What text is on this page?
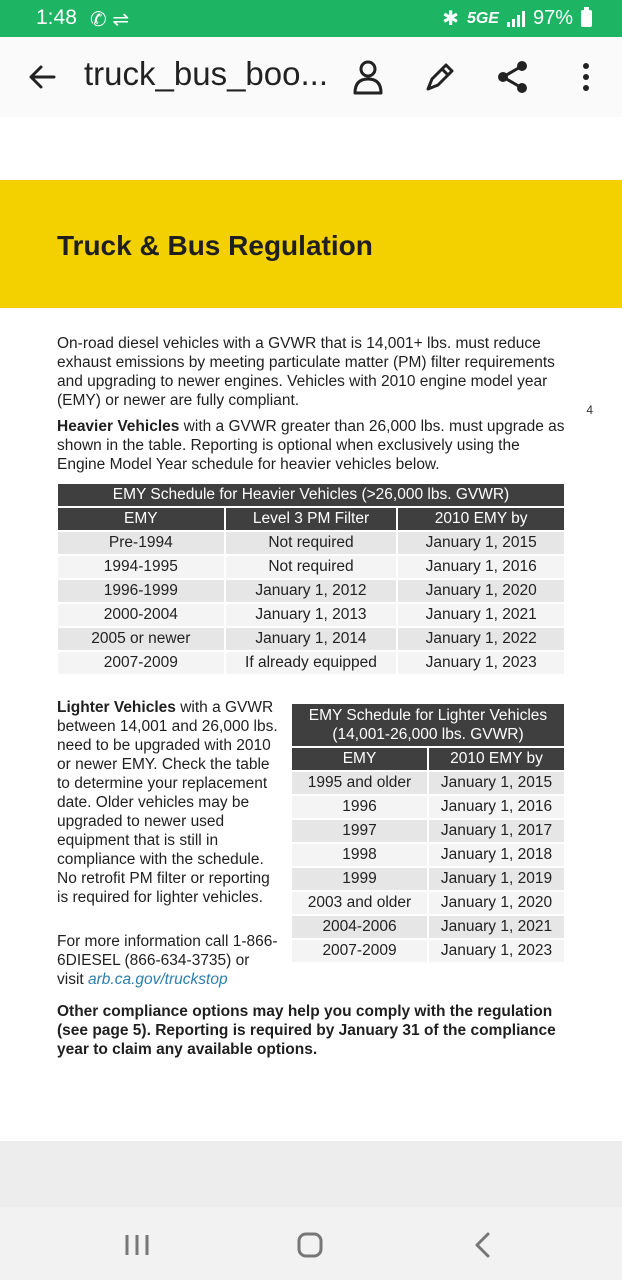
1:48 ✆ ⇌	✱ 5GE 97%
truck_bus_boo...
Truck & Bus Regulation
On-road diesel vehicles with a GVWR that is 14,001+ lbs. must reduce exhaust emissions by meeting particulate matter (PM) filter requirements and upgrading to newer engines. Vehicles with 2010 engine model year (EMY) or newer are fully compliant.
Heavier Vehicles with a GVWR greater than 26,000 lbs. must upgrade as shown in the table. Reporting is optional when exclusively using the Engine Model Year schedule for heavier vehicles below.
EMY Schedule for Heavier Vehicles (>26,000 lbs. GVWR)		
EMY	Level 3 PM Filter	2010 EMY by
Pre-1994	Not required	January 1, 2015
1994-1995	Not required	January 1, 2016
1996-1999	January 1, 2012	January 1, 2020
2000-2004	January 1, 2013	January 1, 2021
2005 or newer	January 1, 2014	January 1, 2022
2007-2009	If already equipped	January 1, 2023
Lighter Vehicles with a GVWR between 14,001 and 26,000 lbs. need to be upgraded with 2010 or newer EMY. Check the table to determine your replacement date. Older vehicles may be upgraded to newer used equipment that is still in compliance with the schedule. No retrofit PM filter or reporting is required for lighter vehicles.
For more information call 1-866-6DIESEL (866-634-3735) or visit arb.ca.gov/truckstop
EMY Schedule for Lighter Vehicles (14,001-26,000 lbs. GVWR)	
EMY	2010 EMY by
1995 and older	January 1, 2015
1996	January 1, 2016
1997	January 1, 2017
1998	January 1, 2018
1999	January 1, 2019
2003 and older	January 1, 2020
2004-2006	January 1, 2021
2007-2009	January 1, 2023
Other compliance options may help you comply with the regulation (see page 5). Reporting is required by January 31 of the compliance year to claim any available options.
4
